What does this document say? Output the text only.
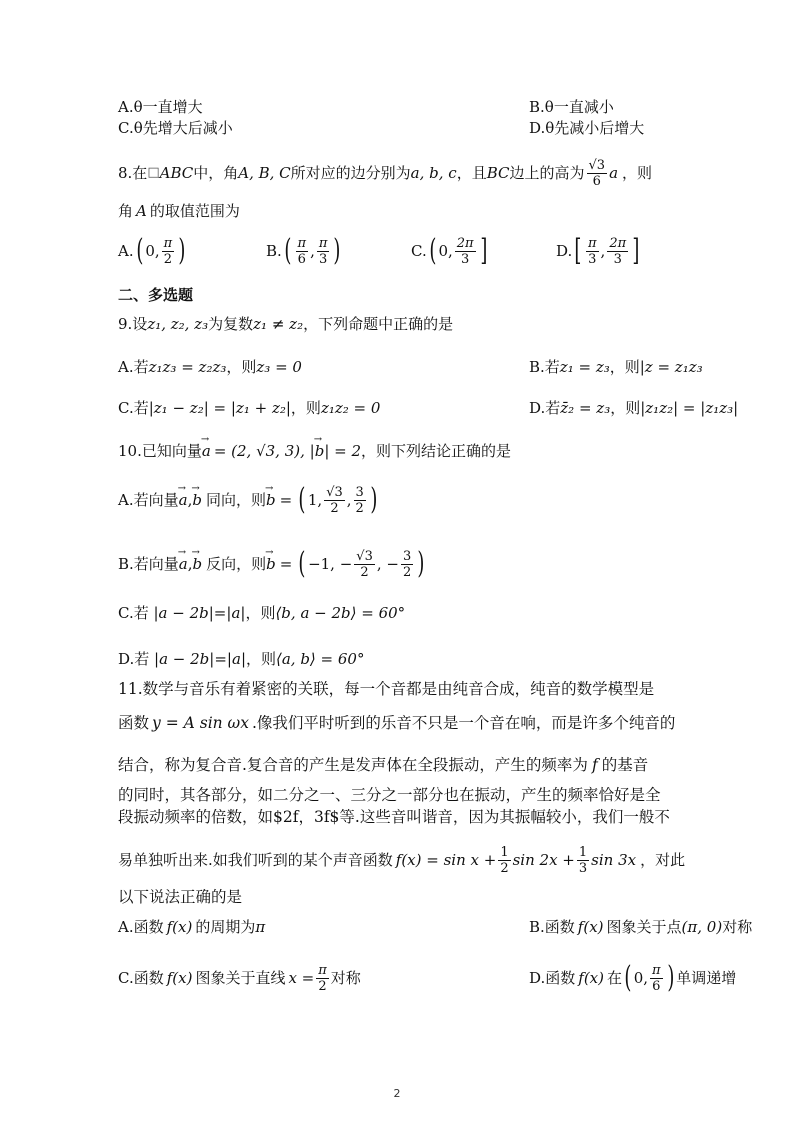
A.θ一直增大	B.θ一直减小
C.θ先增大后减小	D.θ先减小后增大
8.在 □ ABC 中，角 A, B, C 所对应的边分别为 a, b, c ，且 BC 边上的高为 $\frac{√3}{6}$ a ，则
角 A 的取值范围为
A. ( 0, $\frac{\pi}{2}$ )	B. ( $\frac{\pi}{6}$ , $\frac{\pi}{3}$ )	C. ( 0, $\frac{2\pi}{3}$ ]	D. [ $\frac{\pi}{3}$ , $\frac{2\pi}{3}$ ]
二、多选题
9.设 z₁, z₂, z₃ 为复数 z₁ ≠ z₂ ，下列命题中正确的是
A.若 z₁z₃ = z₂z₃ ，则 z₃ = 0	B.若 z₁ = z₃ ，则| z = z₁z₃
C.若 |z₁ − z₂| = |z₁ + z₂| ，则 z₁z₂ = 0	D.若 z̄₂ = z₃ ，则 |z₁z₂| = |z₁z₃|
10.已知向量 → a = (2, √3, 3), | → b | = 2 ，则下列结论正确的是
A.若向量 → a , → b 同向，则 → b = ( 1, $\frac{√3}{2}$ , $\frac{3}{2}$ )
B.若向量 → a , → b 反向，则 → b = ( −1, − $\frac{√3}{2}$ , − $\frac{3}{2}$ )
C.若 | a − 2b |=| a |，则 ⟨b, a − 2b⟩ = 60°
D.若 | a − 2b |=| a |，则 ⟨a, b⟩ = 60°
11.数学与音乐有着紧密的关联，每一个音都是由纯音合成，纯音的数学模型是
函数 y = A sin ωx .像我们平时听到的乐音不只是一个音在响，而是许多个纯音的
结合，称为复合音.复合音的产生是发声体在全段振动，产生的频率为 f 的基音
的同时，其各部分，如二分之一、三分之一部分也在振动，产生的频率恰好是全
段振动频率的倍数，如$2f，3f$等.这些音叫谐音，因为其振幅较小，我们一般不
易单独听出来.如我们听到的某个声音函数 $f(x) = \sin x + \frac{1}{2}$ $\sin 2x + \frac{1}{3}$ sin 3x ，对此
以下说法正确的是
A.函数 f(x) 的周期为 π	B.函数 f(x) 图象关于点 (π, 0) 对称
C.函数 f(x) 图象关于直线 $x = \frac{\pi}{2}$ 对称	D.函数 f(x) 在 ( 0, $\frac{\pi}{6}$ ) 单调递增
2
